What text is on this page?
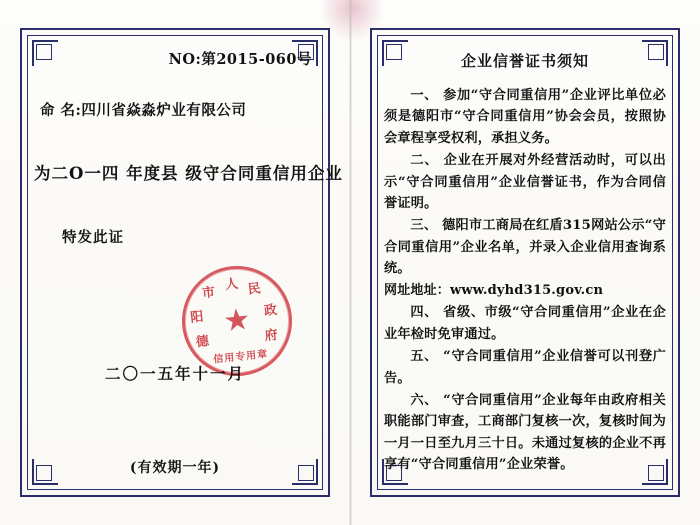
NO:第2015-060号
命 名:四川省焱淼炉业有限公司
为二O一四 年度县 级守合同重信用企业
特发此证
人
市 民
阳	政
德	府
★
信用专用章
二〇一五年十一月
(有效期一年)
企业信誉证书须知

一、 参加“守合同重信用”企业评比单位必须是德阳市“守合同重信用”协会会员，按照协会章程享受权利，承担义务。

二、 企业在开展对外经营活动时，可以出示“守合同重信用”企业信誉证书，作为合同信誉证明。

三、 德阳市工商局在红盾315网站公示“守合同重信用”企业名单，并录入企业信用查询系统。

网址地址：www.dyhd315.gov.cn

四、 省级、市级“守合同重信用”企业在企业年检时免审通过。

五、 “守合同重信用”企业信誉可以刊登广告。

六、 “守合同重信用”企业每年由政府相关职能部门审查，工商部门复核一次，复核时间为一月一日至九月三十日。未通过复核的企业不再享有“守合同重信用”企业荣誉。
